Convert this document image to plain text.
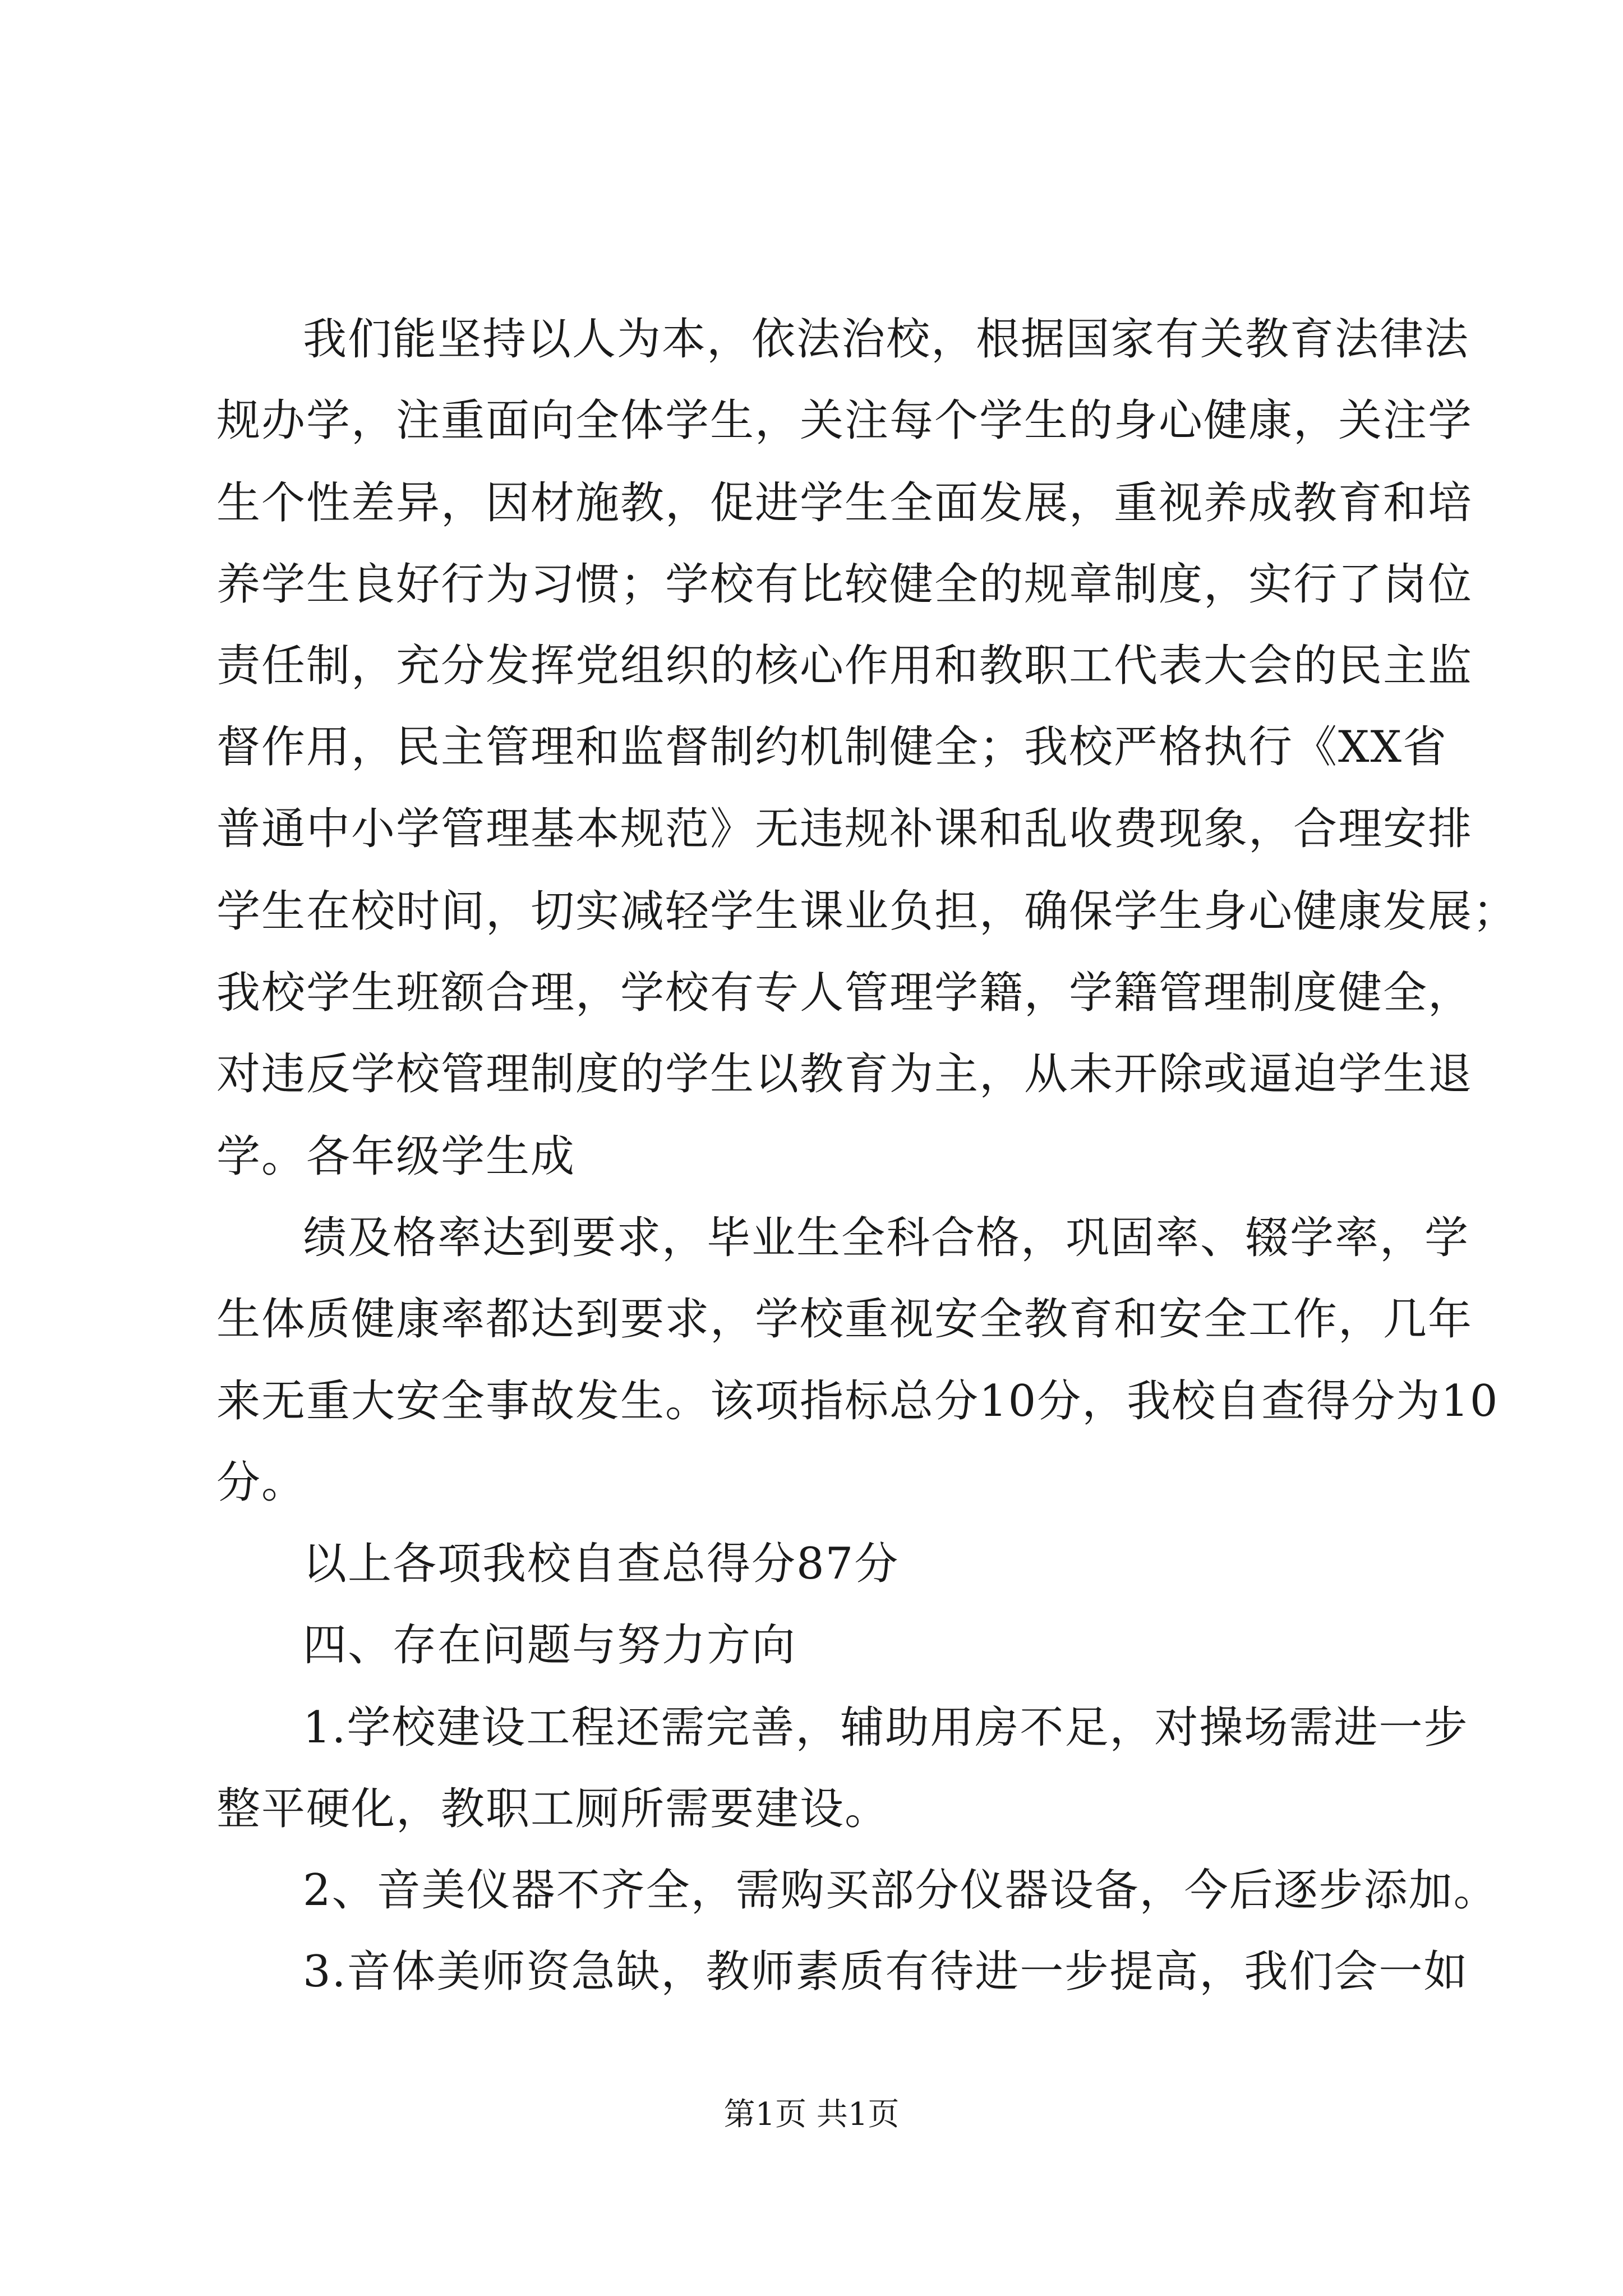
我们能坚持以人为本，依法治校，根据国家有关教育法律法
规办学，注重面向全体学生，关注每个学生的身心健康，关注学
生个性差异，因材施教，促进学生全面发展，重视养成教育和培
养学生良好行为习惯；学校有比较健全的规章制度，实行了岗位
责任制，充分发挥党组织的核心作用和教职工代表大会的民主监
督作用，民主管理和监督制约机制健全；我校严格执行《XX省
普通中小学管理基本规范》无违规补课和乱收费现象，合理安排
学生在校时间，切实减轻学生课业负担，确保学生身心健康发展；
我校学生班额合理，学校有专人管理学籍，学籍管理制度健全，
对违反学校管理制度的学生以教育为主，从未开除或逼迫学生退
学。各年级学生成
绩及格率达到要求，毕业生全科合格，巩固率、辍学率，学
生体质健康率都达到要求，学校重视安全教育和安全工作，几年
来无重大安全事故发生。该项指标总分10分，我校自查得分为10
分。
以上各项我校自查总得分87分
四、存在问题与努力方向
1.学校建设工程还需完善，辅助用房不足，对操场需进一步
整平硬化，教职工厕所需要建设。
2、音美仪器不齐全，需购买部分仪器设备，今后逐步添加。
3.音体美师资急缺，教师素质有待进一步提高，我们会一如
第1页 共1页
